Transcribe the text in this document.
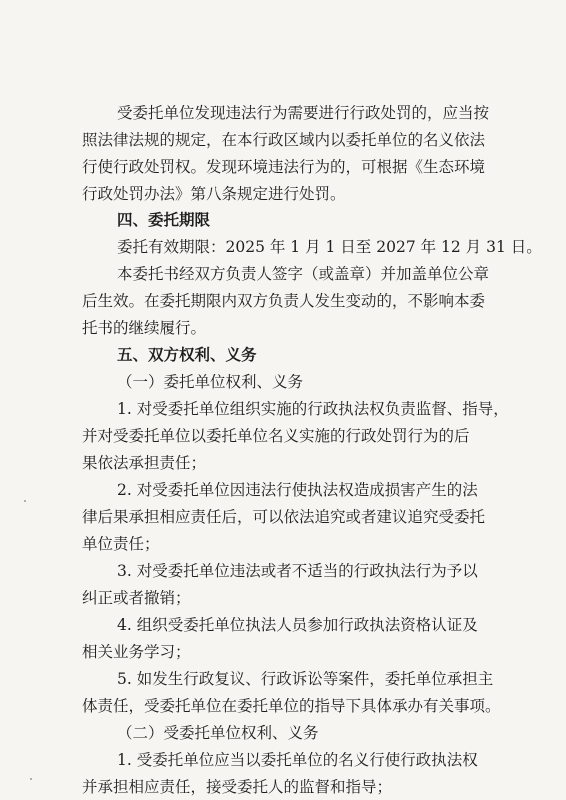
受委托单位发现违法行为需要进行行政处罚的，应当按
照法律法规的规定，在本行政区域内以委托单位的名义依法
行使行政处罚权。发现环境违法行为的，可根据《生态环境
行政处罚办法》第八条规定进行处罚。
四、委托期限
委托有效期限：2025 年 1 月 1 日至 2027 年 12 月 31 日。
本委托书经双方负责人签字（或盖章）并加盖单位公章
后生效。在委托期限内双方负责人发生变动的，不影响本委
托书的继续履行。
五、双方权利、义务
（一）委托单位权利、义务
1. 对受委托单位组织实施的行政执法权负责监督、指导，
并对受委托单位以委托单位名义实施的行政处罚行为的后
果依法承担责任；
2. 对受委托单位因违法行使执法权造成损害产生的法
律后果承担相应责任后，可以依法追究或者建议追究受委托
单位责任；
3. 对受委托单位违法或者不适当的行政执法行为予以
纠正或者撤销；
4. 组织受委托单位执法人员参加行政执法资格认证及
相关业务学习；
5. 如发生行政复议、行政诉讼等案件，委托单位承担主
体责任，受委托单位在委托单位的指导下具体承办有关事项。
（二）受委托单位权利、义务
1. 受委托单位应当以委托单位的名义行使行政执法权
并承担相应责任，接受委托人的监督和指导；
